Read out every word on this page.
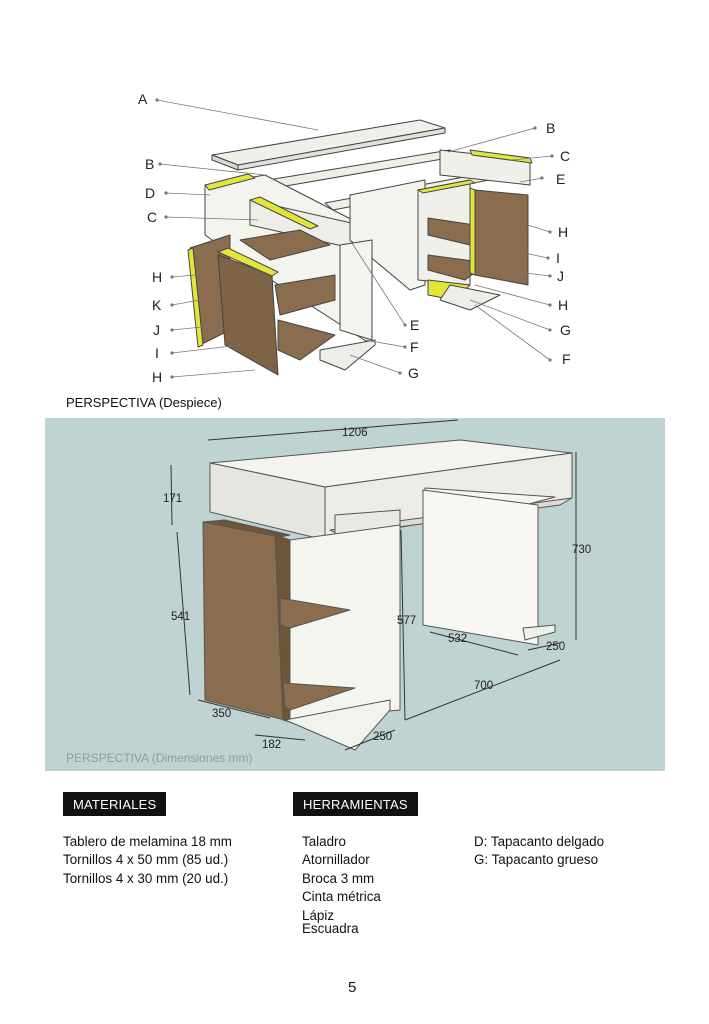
A
B
D
C
H
K
J
I
H
B
C
E
H
I
J
H
G
F
E
F
G
PERSPECTIVA (Despiece)
1206
171
730
541	577
532
250
700
350
182
250
PERSPECTIVA (Dimensiones mm)
MATERIALES	HERRAMIENTAS
Tablero de melamina 18 mm
Tornillos 4 x 50 mm (85 ud.)
Tornillos 4 x 30 mm (20 ud.)
Taladro
Atornillador
Broca 3 mm
Cinta métrica
Lápiz
Escuadra
D: Tapacanto delgado
G: Tapacanto grueso
5
